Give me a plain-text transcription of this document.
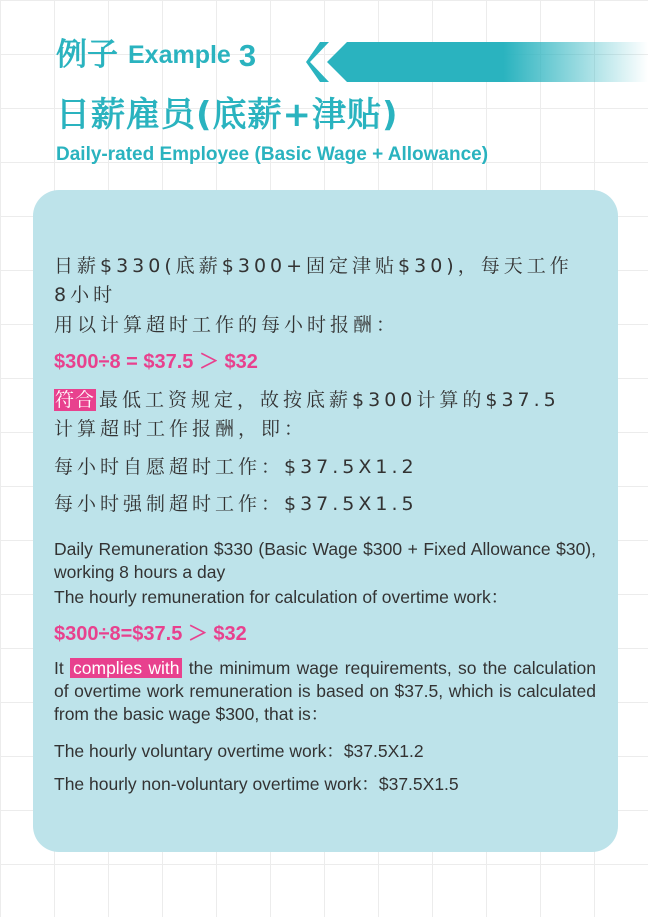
例子 Example 3
日薪雇员(底薪+津贴)
Daily-rated Employee (Basic Wage + Allowance)
日薪$330(底薪$300+固定津贴$30)，每天工作
8小时
用以计算超时工作的每小时报酬：
$300÷8 = $37.5 ＞ $32
符合 最低工资规定，故按底薪$300计算的$37.5
计算超时工作报酬，即：
每小时自愿超时工作：$37.5X1.2
每小时强制超时工作：$37.5X1.5
Daily Remuneration $330 (Basic Wage $300 + Fixed Allowance $30), working 8 hours a day
The hourly remuneration for calculation of overtime work：
$300÷8=$37.5 ＞ $32
It complies with the minimum wage requirements, so the calculation of overtime work remuneration is based on $37.5, which is calculated from the basic wage $300, that is：
The hourly voluntary overtime work：$37.5X1.2
The hourly non-voluntary overtime work：$37.5X1.5
